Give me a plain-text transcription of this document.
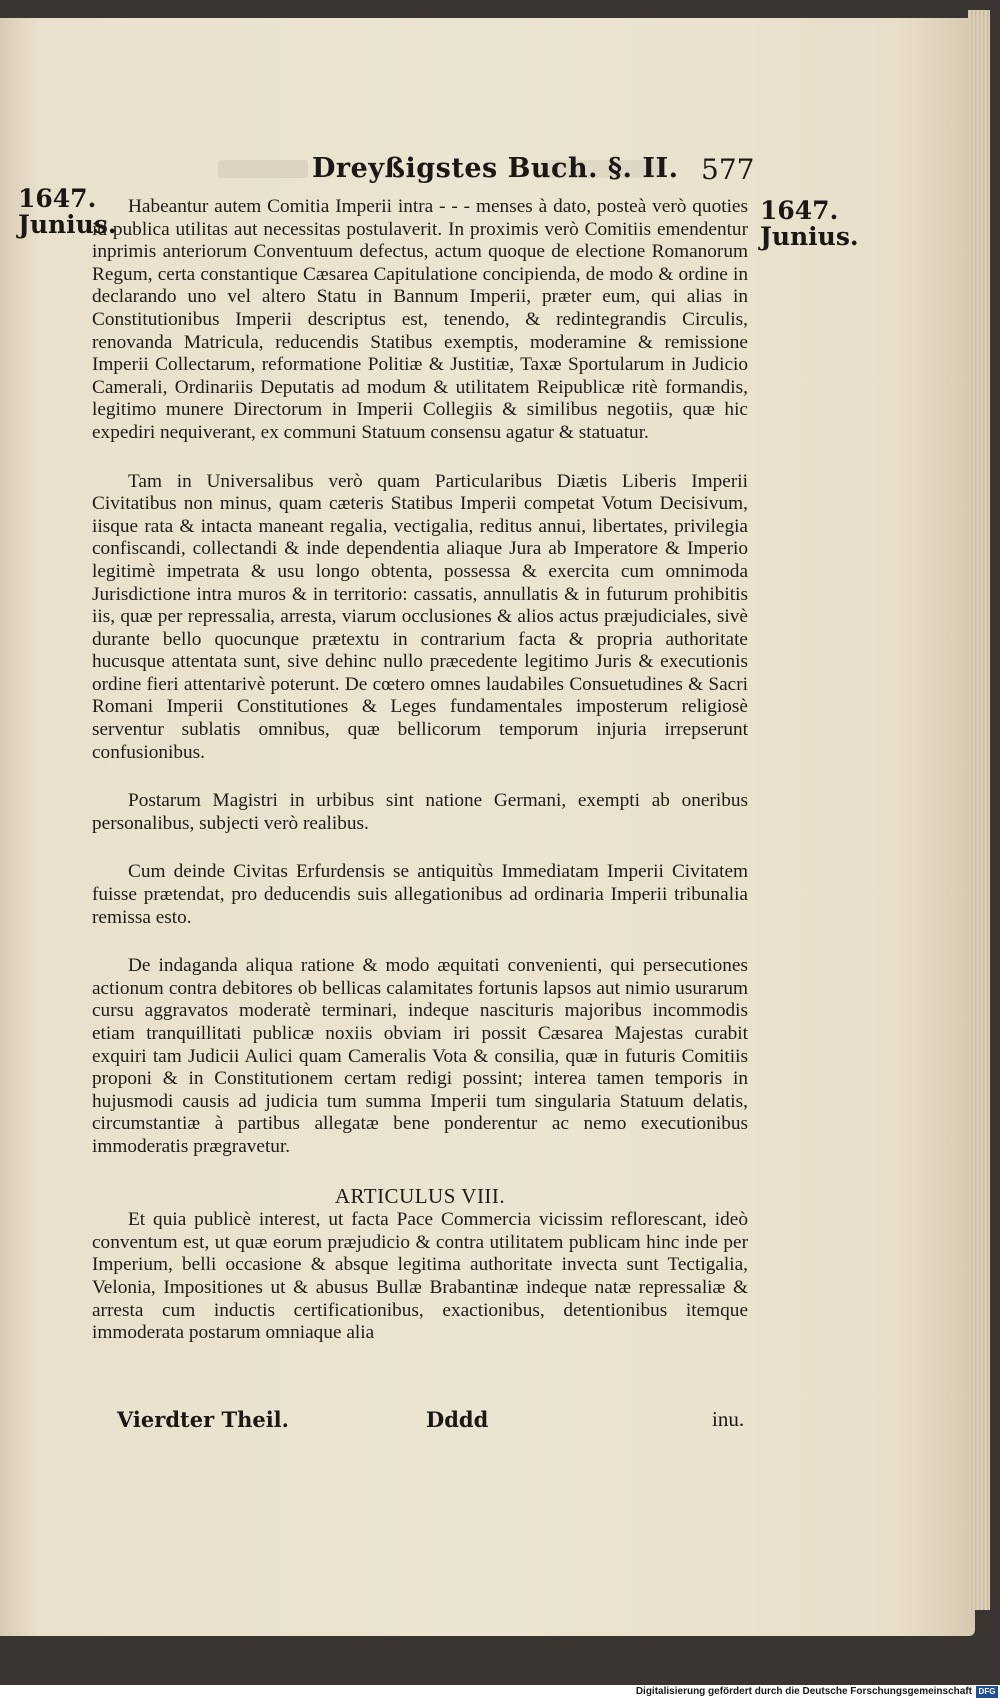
Dreyßigstes Buch. §. II. 577
1647.
Junius.	1647.
Junius.

Habeantur autem Comitia Imperii intra - - - menses à dato, posteà verò quoties id publica utilitas aut necessitas postulaverit. In proximis verò Comitiis emendentur inprimis anteriorum Conventuum defectus, actum quoque de electione Romanorum Regum, certa constantique Cæsarea Capitulatione concipienda, de modo & ordine in declarando uno vel altero Statu in Bannum Imperii, præter eum, qui alias in Constitutionibus Imperii descriptus est, tenendo, & redintegrandis Circulis, renovanda Matricula, reducendis Statibus exemptis, moderamine & remissione Imperii Collectarum, reformatione Politiæ & Justitiæ, Taxæ Sportularum in Judicio Camerali, Ordinariis Deputatis ad modum & utilitatem Reipublicæ ritè formandis, legitimo munere Directorum in Imperii Collegiis & similibus negotiis, quæ hic expediri nequiverant, ex communi Statuum consensu agatur & statuatur.

Tam in Universalibus verò quam Particularibus Diætis Liberis Imperii Civitatibus non minus, quam cæteris Statibus Imperii competat Votum Decisivum, iisque rata & intacta maneant regalia, vectigalia, reditus annui, libertates, privilegia confiscandi, collectandi & inde dependentia aliaque Jura ab Imperatore & Imperio legitimè impetrata & usu longo obtenta, possessa & exercita cum omnimoda Jurisdictione intra muros & in territorio: cassatis, annullatis & in futurum prohibitis iis, quæ per repressalia, arresta, viarum occlusiones & alios actus præjudiciales, sivè durante bello quocunque prætextu in contrarium facta & propria authoritate hucusque attentata sunt, sive dehinc nullo præcedente legitimo Juris & executionis ordine fieri attentarivè poterunt. De cœtero omnes laudabiles Consuetudines & Sacri Romani Imperii Constitutiones & Leges fundamentales imposterum religiosè serventur sublatis omnibus, quæ bellicorum temporum injuria irrepserunt confusionibus.

Postarum Magistri in urbibus sint natione Germani, exempti ab oneribus personalibus, subjecti verò realibus.

Cum deinde Civitas Erfurdensis se antiquitùs Immediatam Imperii Civitatem fuisse prætendat, pro deducendis suis allegationibus ad ordinaria Imperii tribunalia remissa esto.

De indaganda aliqua ratione & modo æquitati convenienti, qui persecutiones actionum contra debitores ob bellicas calamitates fortunis lapsos aut nimio usurarum cursu aggravatos moderatè terminari, indeque nascituris majoribus incommodis etiam tranquillitati publicæ noxiis obviam iri possit Cæsarea Majestas curabit exquiri tam Judicii Aulici quam Cameralis Vota & consilia, quæ in futuris Comitiis proponi & in Constitutionem certam redigi possint; interea tamen temporis in hujusmodi causis ad judicia tum summa Imperii tum singularia Statuum delatis, circumstantiæ à partibus allegatæ bene ponderentur ac nemo executionibus immoderatis prægravetur.

ARTICULUS VIII.

Et quia publicè interest, ut facta Pace Commercia vicissim reflorescant, ideò conventum est, ut quæ eorum præjudicio & contra utilitatem publicam hinc inde per Imperium, belli occasione & absque legitima authoritate invecta sunt Tectigalia, Velonia, Impositiones ut & abusus Bullæ Brabantinæ indeque natæ repressaliæ & arresta cum inductis certificationibus, exactionibus, detentionibus itemque immoderata postarum omniaque alia

Vierdter Theil.	Dddd	inu.
Digitalisierung gefördert durch die Deutsche Forschungsgemeinschaft DFG
